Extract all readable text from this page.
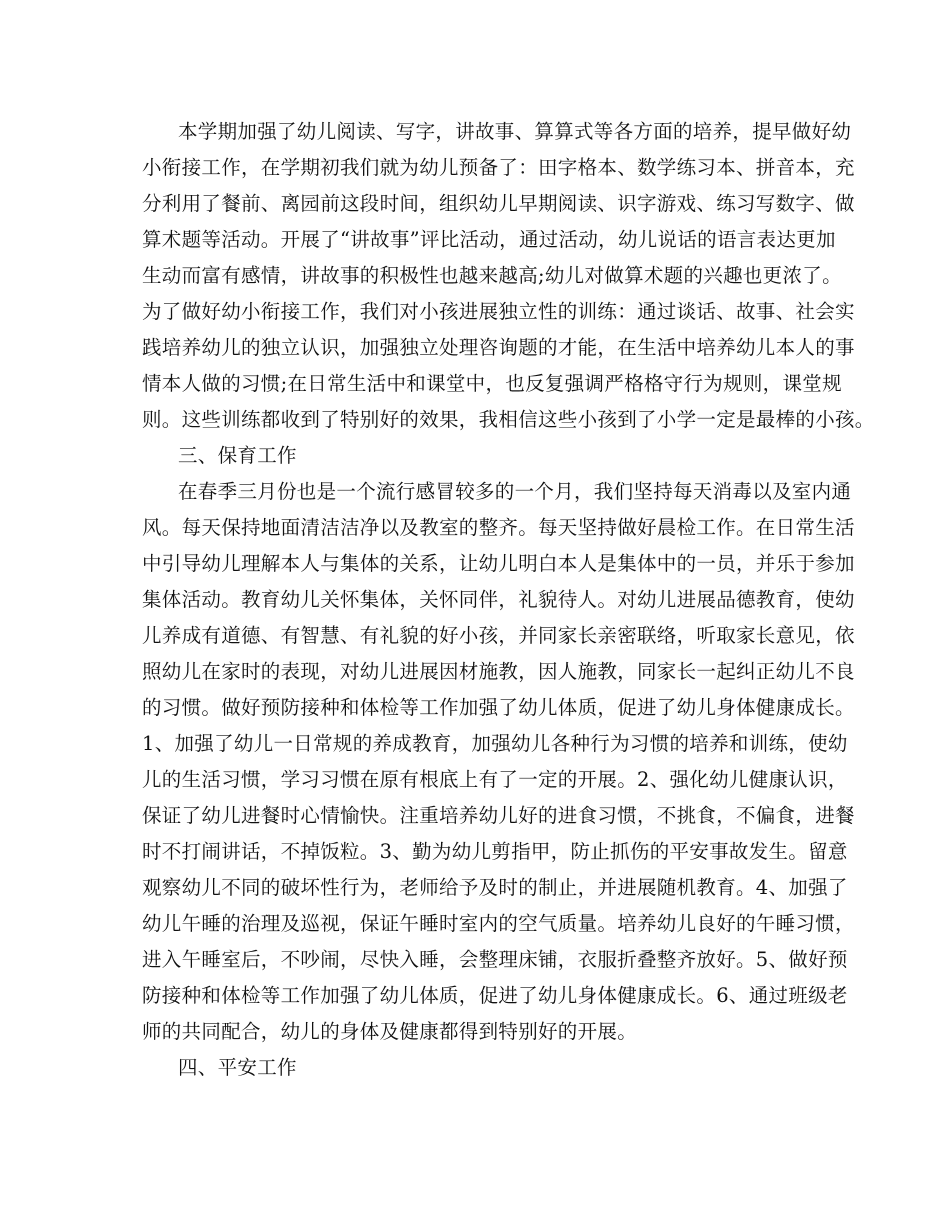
本学期加强了幼儿阅读、写字，讲故事、算算式等各方面的培养，提早做好幼
小衔接工作，在学期初我们就为幼儿预备了：田字格本、数学练习本、拼音本，充
分利用了餐前、离园前这段时间，组织幼儿早期阅读、识字游戏、练习写数字、做
算术题等活动。开展了“讲故事”评比活动，通过活动，幼儿说话的语言表达更加
生动而富有感情，讲故事的积极性也越来越高;幼儿对做算术题的兴趣也更浓了。
为了做好幼小衔接工作，我们对小孩进展独立性的训练：通过谈话、故事、社会实
践培养幼儿的独立认识，加强独立处理咨询题的才能，在生活中培养幼儿本人的事
情本人做的习惯;在日常生活中和课堂中，也反复强调严格格守行为规则，课堂规
则。这些训练都收到了特别好的效果，我相信这些小孩到了小学一定是最棒的小孩。
三、保育工作
在春季三月份也是一个流行感冒较多的一个月，我们坚持每天消毒以及室内通
风。每天保持地面清洁洁净以及教室的整齐。每天坚持做好晨检工作。在日常生活
中引导幼儿理解本人与集体的关系，让幼儿明白本人是集体中的一员，并乐于参加
集体活动。教育幼儿关怀集体，关怀同伴，礼貌待人。对幼儿进展品德教育，使幼
儿养成有道德、有智慧、有礼貌的好小孩，并同家长亲密联络，听取家长意见，依
照幼儿在家时的表现，对幼儿进展因材施教，因人施教，同家长一起纠正幼儿不良
的习惯。做好预防接种和体检等工作加强了幼儿体质，促进了幼儿身体健康成长。
1、加强了幼儿一日常规的养成教育，加强幼儿各种行为习惯的培养和训练，使幼
儿的生活习惯，学习习惯在原有根底上有了一定的开展。2、强化幼儿健康认识，
保证了幼儿进餐时心情愉快。注重培养幼儿好的进食习惯，不挑食，不偏食，进餐
时不打闹讲话，不掉饭粒。3、勤为幼儿剪指甲，防止抓伤的平安事故发生。留意
观察幼儿不同的破坏性行为，老师给予及时的制止，并进展随机教育。4、加强了
幼儿午睡的治理及巡视，保证午睡时室内的空气质量。培养幼儿良好的午睡习惯，
进入午睡室后，不吵闹，尽快入睡，会整理床铺，衣服折叠整齐放好。5、做好预
防接种和体检等工作加强了幼儿体质，促进了幼儿身体健康成长。6、通过班级老
师的共同配合，幼儿的身体及健康都得到特别好的开展。
四、平安工作
